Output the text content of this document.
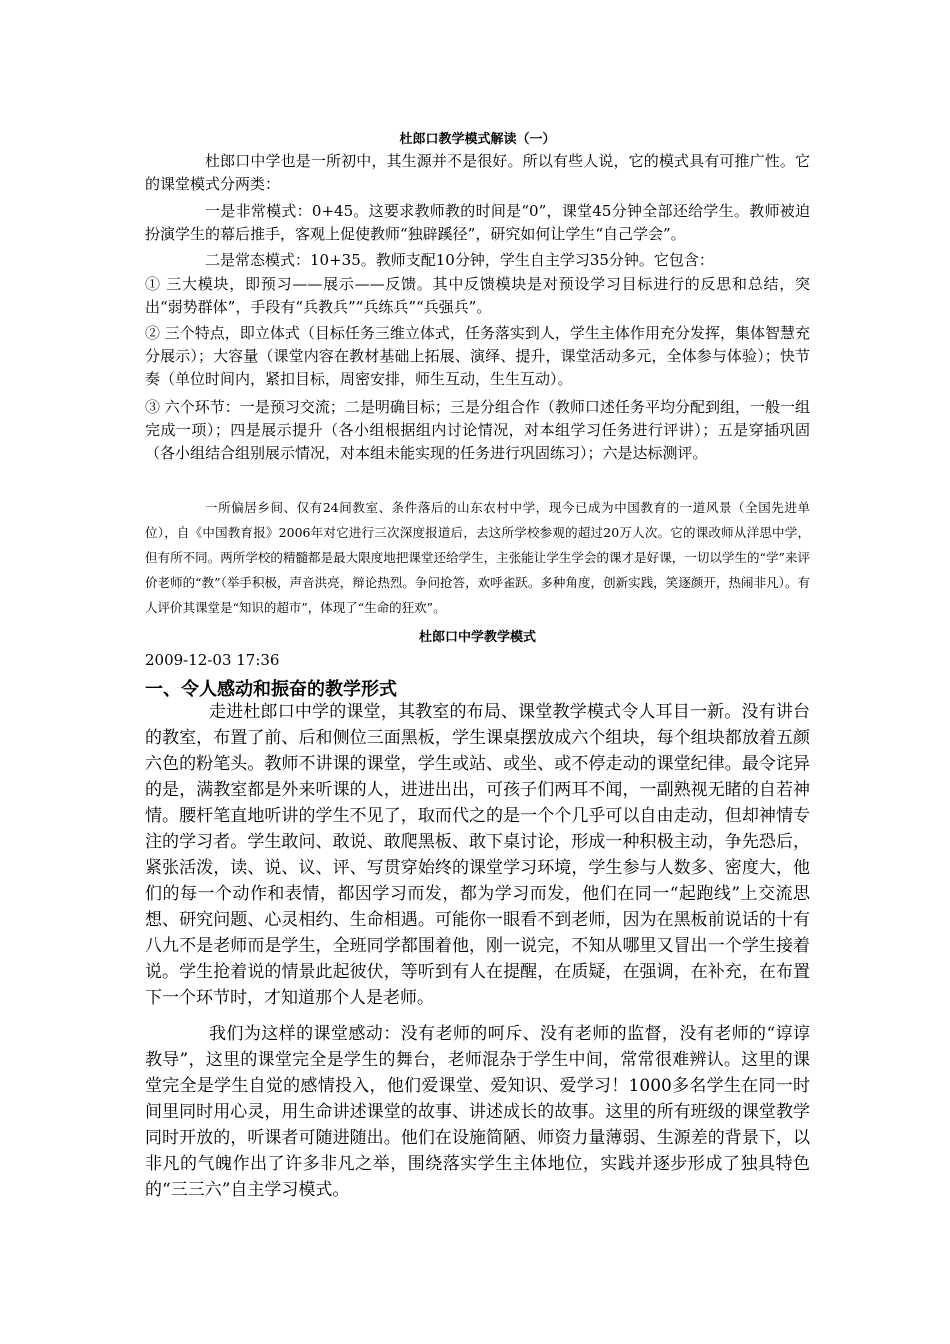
杜郎口教学模式解读（一）

杜郎口中学也是一所初中，其生源并不是很好。所以有些人说，它的模式具有可推广性。它的课堂模式分两类：

一是非常模式：0+45。这要求教师教的时间是“0”，课堂45分钟全部还给学生。教师被迫扮演学生的幕后推手，客观上促使教师“独辟蹊径”，研究如何让学生“自己学会”。

二是常态模式：10+35。教师支配10分钟，学生自主学习35分钟。它包含：

① 三大模块，即预习——展示——反馈。其中反馈模块是对预设学习目标进行的反思和总结，突出“弱势群体”，手段有“兵教兵”“兵练兵”“兵强兵”。

② 三个特点，即立体式（目标任务三维立体式，任务落实到人，学生主体作用充分发挥，集体智慧充分展示）；大容量（课堂内容在教材基础上拓展、演绎、提升，课堂活动多元，全体参与体验）；快节奏（单位时间内，紧扣目标，周密安排，师生互动，生生互动）。

③ 六个环节：一是预习交流；二是明确目标；三是分组合作（教师口述任务平均分配到组，一般一组完成一项）；四是展示提升（各小组根据组内讨论情况，对本组学习任务进行评讲）；五是穿插巩固（各小组结合组别展示情况，对本组未能实现的任务进行巩固练习）；六是达标测评。

一所偏居乡间、仅有24间教室、条件落后的山东农村中学，现今已成为中国教育的一道风景（全国先进单位），自《中国教育报》2006年对它进行三次深度报道后，去这所学校参观的超过20万人次。它的课改师从洋思中学，但有所不同。两所学校的精髓都是最大限度地把课堂还给学生，主张能让学生学会的课才是好课，一切以学生的“学”来评价老师的“教”（举手积极，声音洪亮，辩论热烈。争问抢答，欢呼雀跃。多种角度，创新实践，笑逐颜开，热闹非凡）。有人评价其课堂是“知识的超市”，体现了“生命的狂欢”。

杜郎口中学教学模式
2009-12-03 17:36
一、令人感动和振奋的教学形式

走进杜郎口中学的课堂，其教室的布局、课堂教学模式令人耳目一新。没有讲台的教室，布置了前、后和侧位三面黑板，学生课桌摆放成六个组块，每个组块都放着五颜六色的粉笔头。教师不讲课的课堂，学生或站、或坐、或不停走动的课堂纪律。最令诧异的是，满教室都是外来听课的人，进进出出，可孩子们两耳不闻，一副熟视无睹的自若神情。腰杆笔直地听讲的学生不见了，取而代之的是一个个几乎可以自由走动，但却神情专注的学习者。学生敢问、敢说、敢爬黑板、敢下桌讨论，形成一种积极主动，争先恐后，紧张活泼，读、说、议、评、写贯穿始终的课堂学习环境，学生参与人数多、密度大，他们的每一个动作和表情，都因学习而发，都为学习而发，他们在同一“起跑线”上交流思想、研究问题、心灵相约、生命相遇。可能你一眼看不到老师，因为在黑板前说话的十有八九不是老师而是学生，全班同学都围着他，刚一说完，不知从哪里又冒出一个学生接着说。学生抢着说的情景此起彼伏，等听到有人在提醒，在质疑，在强调，在补充，在布置下一个环节时，才知道那个人是老师。

我们为这样的课堂感动：没有老师的呵斥、没有老师的监督，没有老师的“谆谆教导”，这里的课堂完全是学生的舞台，老师混杂于学生中间，常常很难辨认。这里的课堂完全是学生自觉的感情投入，他们爱课堂、爱知识、爱学习！1000多名学生在同一时间里同时用心灵，用生命讲述课堂的故事、讲述成长的故事。这里的所有班级的课堂教学同时开放的，听课者可随进随出。他们在设施简陋、师资力量薄弱、生源差的背景下，以非凡的气魄作出了许多非凡之举，围绕落实学生主体地位，实践并逐步形成了独具特色的“三三六”自主学习模式。
